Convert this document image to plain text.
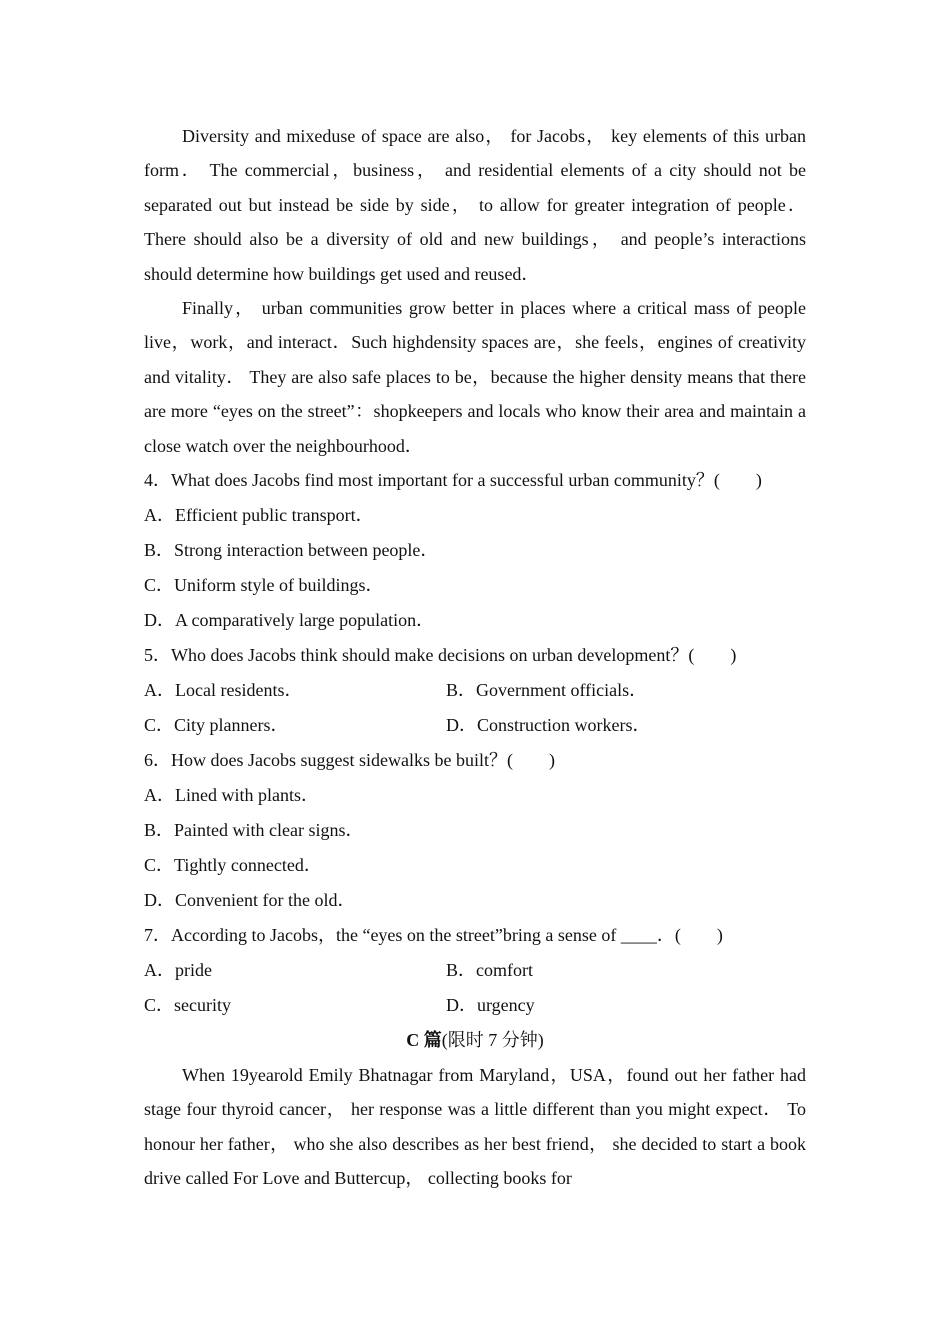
Diversity and mixeduse of space are also， for Jacobs， key elements of this urban form． The commercial，business， and residential elements of a city should not be separated out but instead be side by side， to allow for greater integration of people． There should also be a diversity of old and new buildings， and people’s interactions should determine how buildings get used and reused．

Finally， urban communities grow better in places where a critical mass of people live，work，and interact．Such highdensity spaces are，she feels，engines of creativity and vitality． They are also safe places to be，because the higher density means that there are more “eyes on the street”：shopkeepers and locals who know their area and maintain a close watch over the neighbourhood．

4．What does Jacobs find most important for a successful urban community？(　　)
A．Efficient public transport．
B．Strong interaction between people．
C．Uniform style of buildings．
D．A comparatively large population．
5．Who does Jacobs think should make decisions on urban development？(　　)
A．Local residents．	B．Government officials．
C．City planners．	D．Construction workers．
6．How does Jacobs suggest sidewalks be built？(　　)
A．Lined with plants．
B．Painted with clear signs．
C．Tightly connected．
D．Convenient for the old．
7．According to Jacobs，the “eyes on the street”bring a sense of ____．(　　)
A．pride	B．comfort
C．security	D．urgency
C 篇(限时 7 分钟)

When 19yearold Emily Bhatnagar from Maryland，USA，found out her father had stage four thyroid cancer， her response was a little different than you might expect． To honour her father， who she also describes as her best friend， she decided to start a book drive called For Love and Buttercup， collecting books for
